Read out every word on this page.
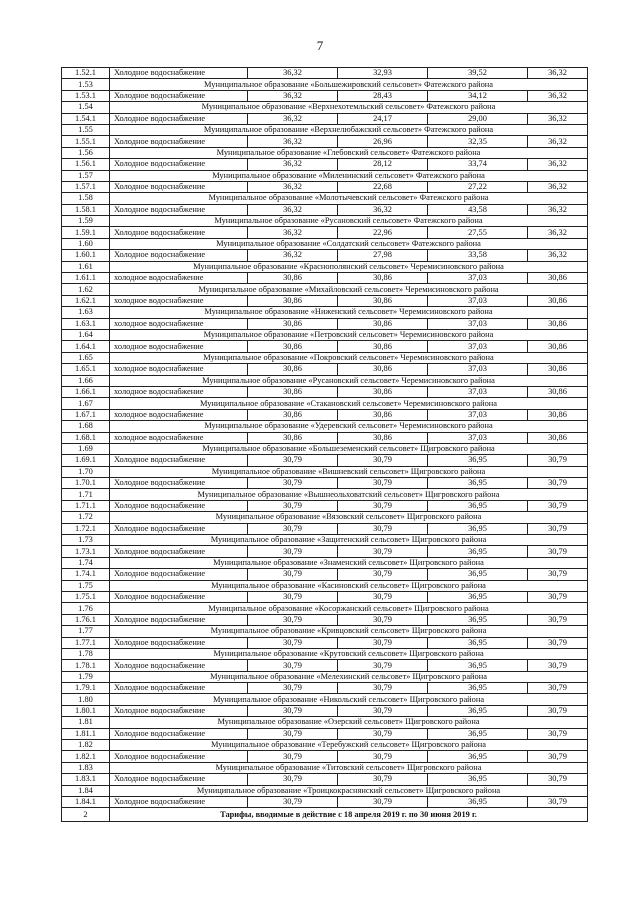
7
1.52.1	Холодное водоснабжение	36,32	32,93	39,52	36,32
1.53	Муниципальное образование «Большежировский сельсовет» Фатежского района				
1.53.1	Холодное водоснабжение	36,32	28,43	34,12	36,32
1.54	Муниципальное образование «Верхнехотемльский сельсовет» Фатежского района				
1.54.1	Холодное водоснабжение	36,32	24,17	29,00	36,32
1.55	Муниципальное образование «Верхнелюбажский сельсовет» Фатежского района				
1.55.1	Холодное водоснабжение	36,32	26,96	32,35	36,32
1.56	Муниципальное образование «Глебовский сельсовет» Фатежского района				
1.56.1	Холодное водоснабжение	36,32	28,12	33,74	36,32
1.57	Муниципальное образование «Миленинский сельсовет» Фатежского района				
1.57.1	Холодное водоснабжение	36,32	22,68	27,22	36,32
1.58	Муниципальное образование «Молотычевский сельсовет» Фатежского района				
1.58.1	Холодное водоснабжение	36,32	36,32	43,58	36,32
1.59	Муниципальное образование «Русановский сельсовет» Фатежского района				
1.59.1	Холодное водоснабжение	36,32	22,96	27,55	36,32
1.60	Муниципальное образование «Солдатский сельсовет» Фатежского района				
1.60.1	Холодное водоснабжение	36,32	27,98	33,58	36,32
1.61	Муниципальное образование «Краснополянский сельсовет» Черемисиновского района				
1.61.1	холодное водоснабжение	30,86	30,86	37,03	30,86
1.62	Муниципальное образование «Михайловский сельсовет» Черемисиновского района				
1.62.1	холодное водоснабжение	30,86	30,86	37,03	30,86
1.63	Муниципальное образование «Ниженский сельсовет» Черемисиновского района				
1.63.1	холодное водоснабжение	30,86	30,86	37,03	30,86
1.64	Муниципальное образование «Петровский сельсовет» Черемисиновского района				
1.64.1	холодное водоснабжение	30,86	30,86	37,03	30,86
1.65	Муниципальное образование «Покровский сельсовет» Черемисиновского района				
1.65.1	холодное водоснабжение	30,86	30,86	37,03	30,86
1.66	Муниципальное образование «Русановский сельсовет» Черемисиновского района				
1.66.1	холодное водоснабжение	30,86	30,86	37,03	30,86
1.67	Муниципальное образование «Стакановский сельсовет» Черемисиновского района				
1.67.1	холодное водоснабжение	30,86	30,86	37,03	30,86
1.68	Муниципальное образование «Удеревский сельсовет» Черемисиновского района				
1.68.1	холодное водоснабжение	30,86	30,86	37,03	30,86
1.69	Муниципальное образование «Большеземенский сельсовет» Щигровского района				
1.69.1	Холодное водоснабжение	30,79	30,79	36,95	30,79
1.70	Муниципальное образование «Вишневский сельсовет» Щигровского района				
1.70.1	Холодное водоснабжение	30,79	30,79	36,95	30,79
1.71	Муниципальное образование «Вышнеольховатский сельсовет» Щигровского района				
1.71.1	Холодное водоснабжение	30,79	30,79	36,95	30,79
1.72	Муниципальное образование «Вязовский сельсовет» Щигровского района				
1.72.1	Холодное водоснабжение	30,79	30,79	36,95	30,79
1.73	Муниципальное образование «Защитенский сельсовет» Щигровского района				
1.73.1	Холодное водоснабжение	30,79	30,79	36,95	30,79
1.74	Муниципальное образование «Знаменский сельсовет» Щигровского района				
1.74.1	Холодное водоснабжение	30,79	30,79	36,95	30,79
1.75	Муниципальное образование «Касиновский сельсовет» Щигровского района				
1.75.1	Холодное водоснабжение	30,79	30,79	36,95	30,79
1.76	Муниципальное образование «Косоржанский сельсовет» Щигровского района				
1.76.1	Холодное водоснабжение	30,79	30,79	36,95	30,79
1.77	Муниципальное образование «Кривцовский сельсовет» Щигровского района				
1.77.1	Холодное водоснабжение	30,79	30,79	36,95	30,79
1.78	Муниципальное образование «Крутовский сельсовет» Щигровского района				
1.78.1	Холодное водоснабжение	30,79	30,79	36,95	30,79
1.79	Муниципальное образование «Мелехинский сельсовет» Щигровского района				
1.79.1	Холодное водоснабжение	30,79	30,79	36,95	30,79
1.80	Муниципальное образование «Никольский сельсовет» Щигровского района				
1.80.1	Холодное водоснабжение	30,79	30,79	36,95	30,79
1.81	Муниципальное образование «Озерский сельсовет» Щигровского района				
1.81.1	Холодное водоснабжение	30,79	30,79	36,95	30,79
1.82	Муниципальное образование «Теребужский сельсовет» Щигровского района				
1.82.1	Холодное водоснабжение	30,79	30,79	36,95	30,79
1.83	Муниципальное образование «Титовский сельсовет» Щигровского района				
1.83.1	Холодное водоснабжение	30,79	30,79	36,95	30,79
1.84	Муниципальное образование «Троицкокраснянский сельсовет» Щигровского района				
1.84.1	Холодное водоснабжение	30,79	30,79	36,95	30,79
2	Тарифы, вводимые в действие с 18 апреля 2019 г. по 30 июня 2019 г.				
